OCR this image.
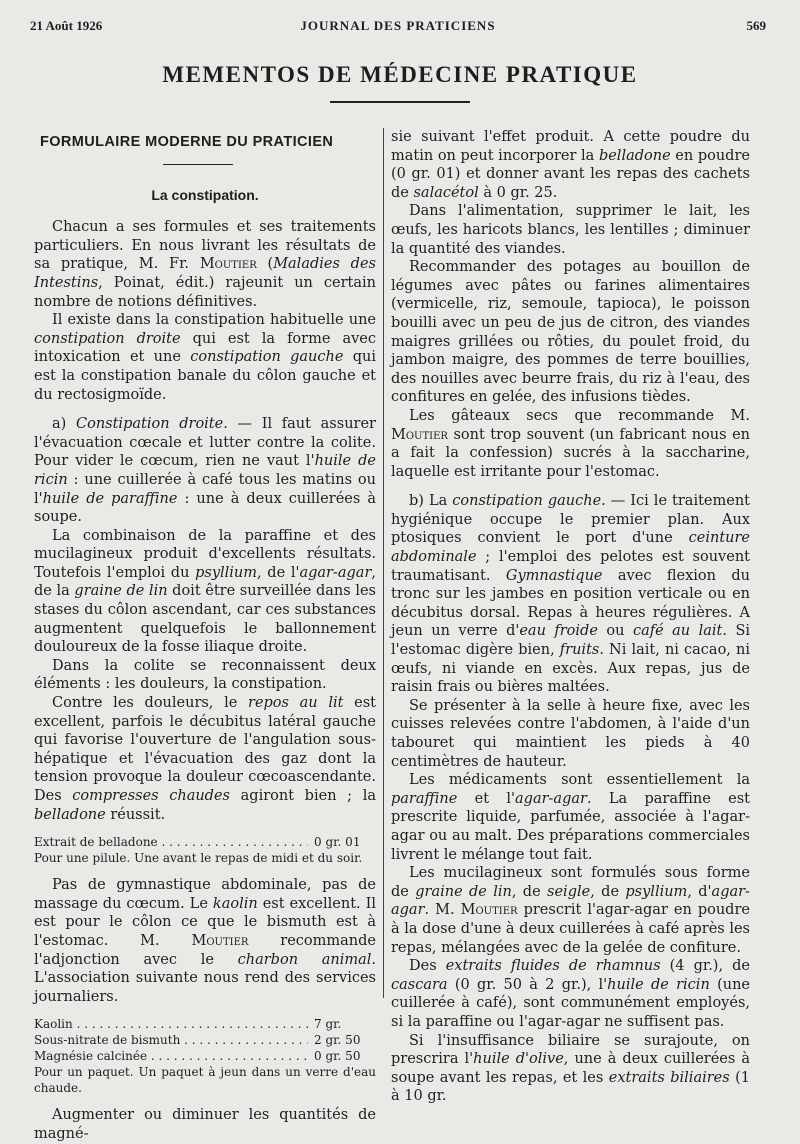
21 Août 1926	JOURNAL DES PRATICIENS	569
MEMENTOS DE MÉDECINE PRATIQUE
FORMULAIRE MODERNE DU PRATICIEN
La constipation.

Chacun a ses formules et ses traitements particuliers. En nous livrant les résultats de sa pratique, M. Fr. Moutier (Maladies des Intestins, Poinat, édit.) rajeunit un certain nombre de notions définitives.

Il existe dans la constipation habituelle une constipation droite qui est la forme avec intoxication et une constipation gauche qui est la constipation banale du côlon gauche et du rectosigmoïde.

a) Constipation droite. — Il faut assurer l'évacuation cœcale et lutter contre la colite. Pour vider le cœcum, rien ne vaut l'huile de ricin : une cuillerée à café tous les matins ou l'huile de paraffine : une à deux cuillerées à soupe.

La combinaison de la paraffine et des mucilagineux produit d'excellents résultats. Toutefois l'emploi du psyllium, de l'agar-agar, de la graine de lin doit être surveillée dans les stases du côlon ascendant, car ces substances augmentent quelquefois le ballonnement douloureux de la fosse iliaque droite.

Dans la colite se reconnaissent deux éléments : les douleurs, la constipation.

Contre les douleurs, le repos au lit est excellent, parfois le décubitus latéral gauche qui favorise l'ouverture de l'angulation sous-hépatique et l'évacuation des gaz dont la tension provoque la douleur cœcoascendante. Des compresses chaudes agiront bien ; la belladone réussit.

Extrait de belladone . . .	0 gr. 01
Pour une pilule. Une avant le repas de midi et du soir.

Pas de gymnastique abdominale, pas de massage du cœcum. Le kaolin est excellent. Il est pour le côlon ce que le bismuth est à l'estomac. M. Moutier recommande l'adjonction avec le charbon animal. L'association suivante nous rend des services journaliers.

Kaolin . . .	7 gr.
Sous-nitrate de bismuth . . .	2 gr. 50
Magnésie calcinée . . .	0 gr. 50
Pour un paquet. Un paquet à jeun dans un verre d'eau chaude.

Augmenter ou diminuer les quantités de magné-

sie suivant l'effet produit. A cette poudre du matin on peut incorporer la belladone en poudre (0 gr. 01) et donner avant les repas des cachets de salacétol à 0 gr. 25.

Dans l'alimentation, supprimer le lait, les œufs, les haricots blancs, les lentilles ; diminuer la quantité des viandes.

Recommander des potages au bouillon de légumes avec pâtes ou farines alimentaires (vermicelle, riz, semoule, tapioca), le poisson bouilli avec un peu de jus de citron, des viandes maigres grillées ou rôties, du poulet froid, du jambon maigre, des pommes de terre bouillies, des nouilles avec beurre frais, du riz à l'eau, des confitures en gelée, des infusions tièdes.

Les gâteaux secs que recommande M. Moutier sont trop souvent (un fabricant nous en a fait la confession) sucrés à la saccharine, laquelle est irritante pour l'estomac.

b) La constipation gauche. — Ici le traitement hygiénique occupe le premier plan. Aux ptosiques convient le port d'une ceinture abdominale ; l'emploi des pelotes est souvent traumatisant. Gymnastique avec flexion du tronc sur les jambes en position verticale ou en décubitus dorsal. Repas à heures régulières. A jeun un verre d'eau froide ou café au lait. Si l'estomac digère bien, fruits. Ni lait, ni cacao, ni œufs, ni viande en excès. Aux repas, jus de raisin frais ou bières maltées.

Se présenter à la selle à heure fixe, avec les cuisses relevées contre l'abdomen, à l'aide d'un tabouret qui maintient les pieds à 40 centimètres de hauteur.

Les médicaments sont essentiellement la paraffine et l'agar-agar. La paraffine est prescrite liquide, parfumée, associée à l'agar-agar ou au malt. Des préparations commerciales livrent le mélange tout fait.

Les mucilagineux sont formulés sous forme de graine de lin, de seigle, de psyllium, d'agar-agar. M. Moutier prescrit l'agar-agar en poudre à la dose d'une à deux cuillerées à café après les repas, mélangées avec de la gelée de confiture.

Des extraits fluides de rhamnus (4 gr.), de cascara (0 gr. 50 à 2 gr.), l'huile de ricin (une cuillerée à café), sont communément employés, si la paraffine ou l'agar-agar ne suffisent pas.

Si l'insuffisance biliaire se surajoute, on prescrira l'huile d'olive, une à deux cuillerées à soupe avant les repas, et les extraits biliaires (1 à 10 gr.
